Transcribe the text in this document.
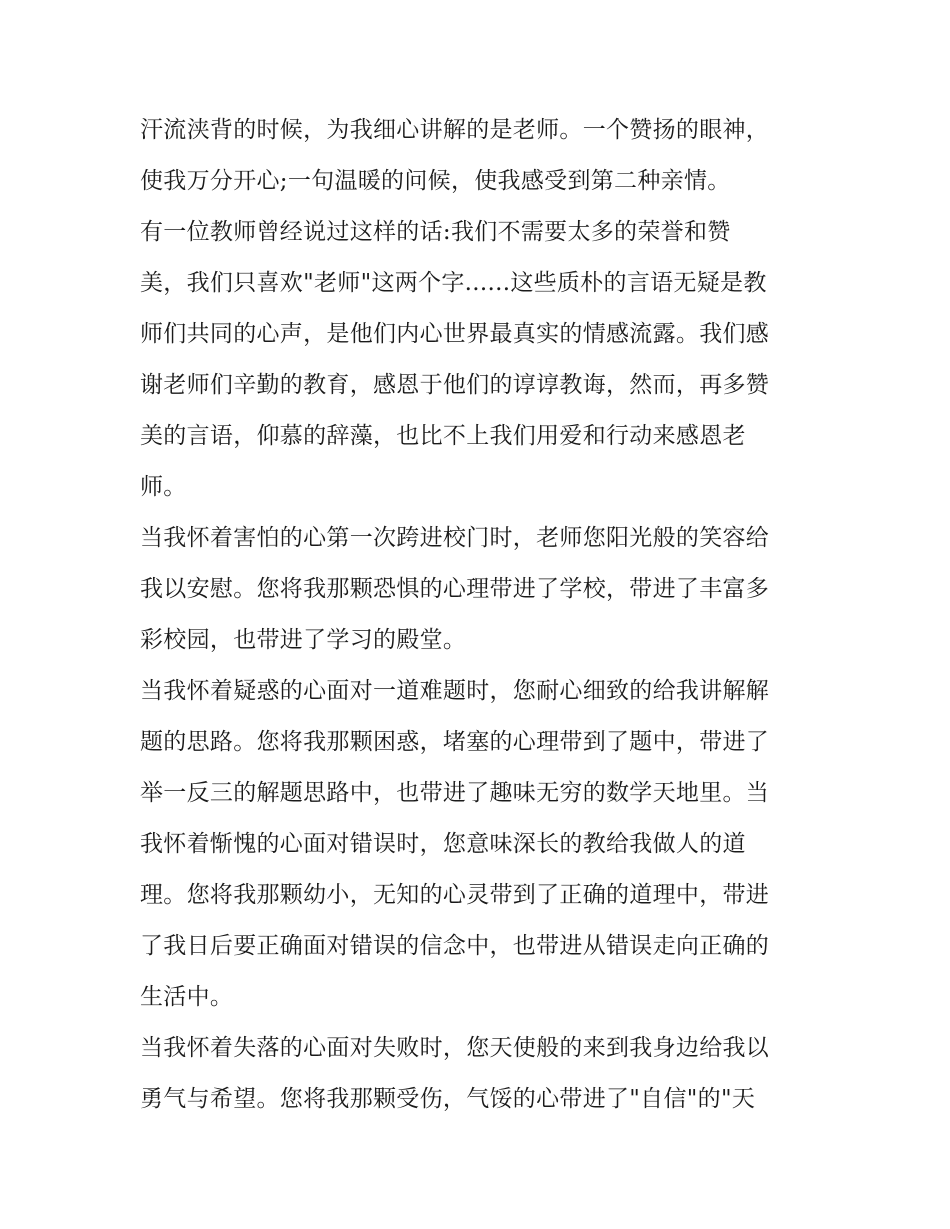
汗流浃背的时候，为我细心讲解的是老师。一个赞扬的眼神，
使我万分开心;一句温暖的问候，使我感受到第二种亲情。
有一位教师曾经说过这样的话:我们不需要太多的荣誉和赞
美，我们只喜欢"老师"这两个字......这些质朴的言语无疑是教
师们共同的心声，是他们内心世界最真实的情感流露。我们感
谢老师们辛勤的教育，感恩于他们的谆谆教诲，然而，再多赞
美的言语，仰慕的辞藻，也比不上我们用爱和行动来感恩老
师。
当我怀着害怕的心第一次跨进校门时，老师您阳光般的笑容给
我以安慰。您将我那颗恐惧的心理带进了学校，带进了丰富多
彩校园，也带进了学习的殿堂。
当我怀着疑惑的心面对一道难题时，您耐心细致的给我讲解解
题的思路。您将我那颗困惑，堵塞的心理带到了题中，带进了
举一反三的解题思路中，也带进了趣味无穷的数学天地里。当
我怀着惭愧的心面对错误时，您意味深长的教给我做人的道
理。您将我那颗幼小，无知的心灵带到了正确的道理中，带进
了我日后要正确面对错误的信念中，也带进从错误走向正确的
生活中。
当我怀着失落的心面对失败时，您天使般的来到我身边给我以
勇气与希望。您将我那颗受伤，气馁的心带进了"自信"的"天
